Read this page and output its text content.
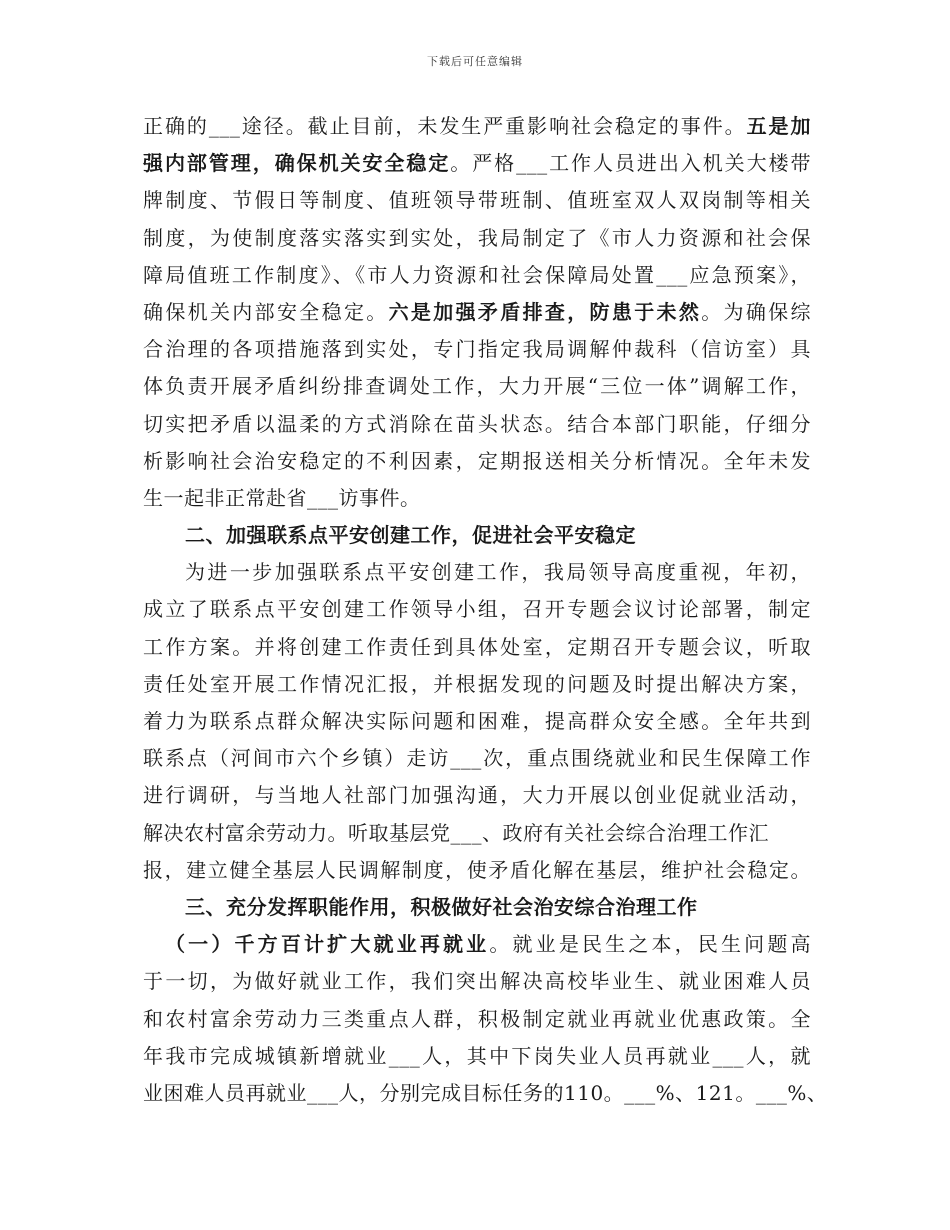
下载后可任意编辑
正确的___途径。截止目前，未发生严重影响社会稳定的事件。五是加
强内部管理，确保机关安全稳定。严格___工作人员进出入机关大楼带
牌制度、节假日等制度、值班领导带班制、值班室双人双岗制等相关
制度，为使制度落实落实到实处，我局制定了《市人力资源和社会保
障局值班工作制度》、《市人力资源和社会保障局处置___应急预案》，
确保机关内部安全稳定。六是加强矛盾排查，防患于未然。为确保综
合治理的各项措施落到实处，专门指定我局调解仲裁科（信访室）具
体负责开展矛盾纠纷排查调处工作，大力开展“三位一体”调解工作，
切实把矛盾以温柔的方式消除在苗头状态。结合本部门职能，仔细分
析影响社会治安稳定的不利因素，定期报送相关分析情况。全年未发
生一起非正常赴省___访事件。
二、加强联系点平安创建工作，促进社会平安稳定
为进一步加强联系点平安创建工作，我局领导高度重视，年初，
成立了联系点平安创建工作领导小组，召开专题会议讨论部署，制定
工作方案。并将创建工作责任到具体处室，定期召开专题会议，听取
责任处室开展工作情况汇报，并根据发现的问题及时提出解决方案，
着力为联系点群众解决实际问题和困难，提高群众安全感。全年共到
联系点（河间市六个乡镇）走访___次，重点围绕就业和民生保障工作
进行调研，与当地人社部门加强沟通，大力开展以创业促就业活动，
解决农村富余劳动力。听取基层党___、政府有关社会综合治理工作汇
报，建立健全基层人民调解制度，使矛盾化解在基层，维护社会稳定。
三、充分发挥职能作用，积极做好社会治安综合治理工作
（一）千方百计扩大就业再就业。就业是民生之本，民生问题高
于一切，为做好就业工作，我们突出解决高校毕业生、就业困难人员
和农村富余劳动力三类重点人群，积极制定就业再就业优惠政策。全
年我市完成城镇新增就业___人，其中下岗失业人员再就业___人，就
业困难人员再就业___人，分别完成目标任务的110。___%、121。___%、
